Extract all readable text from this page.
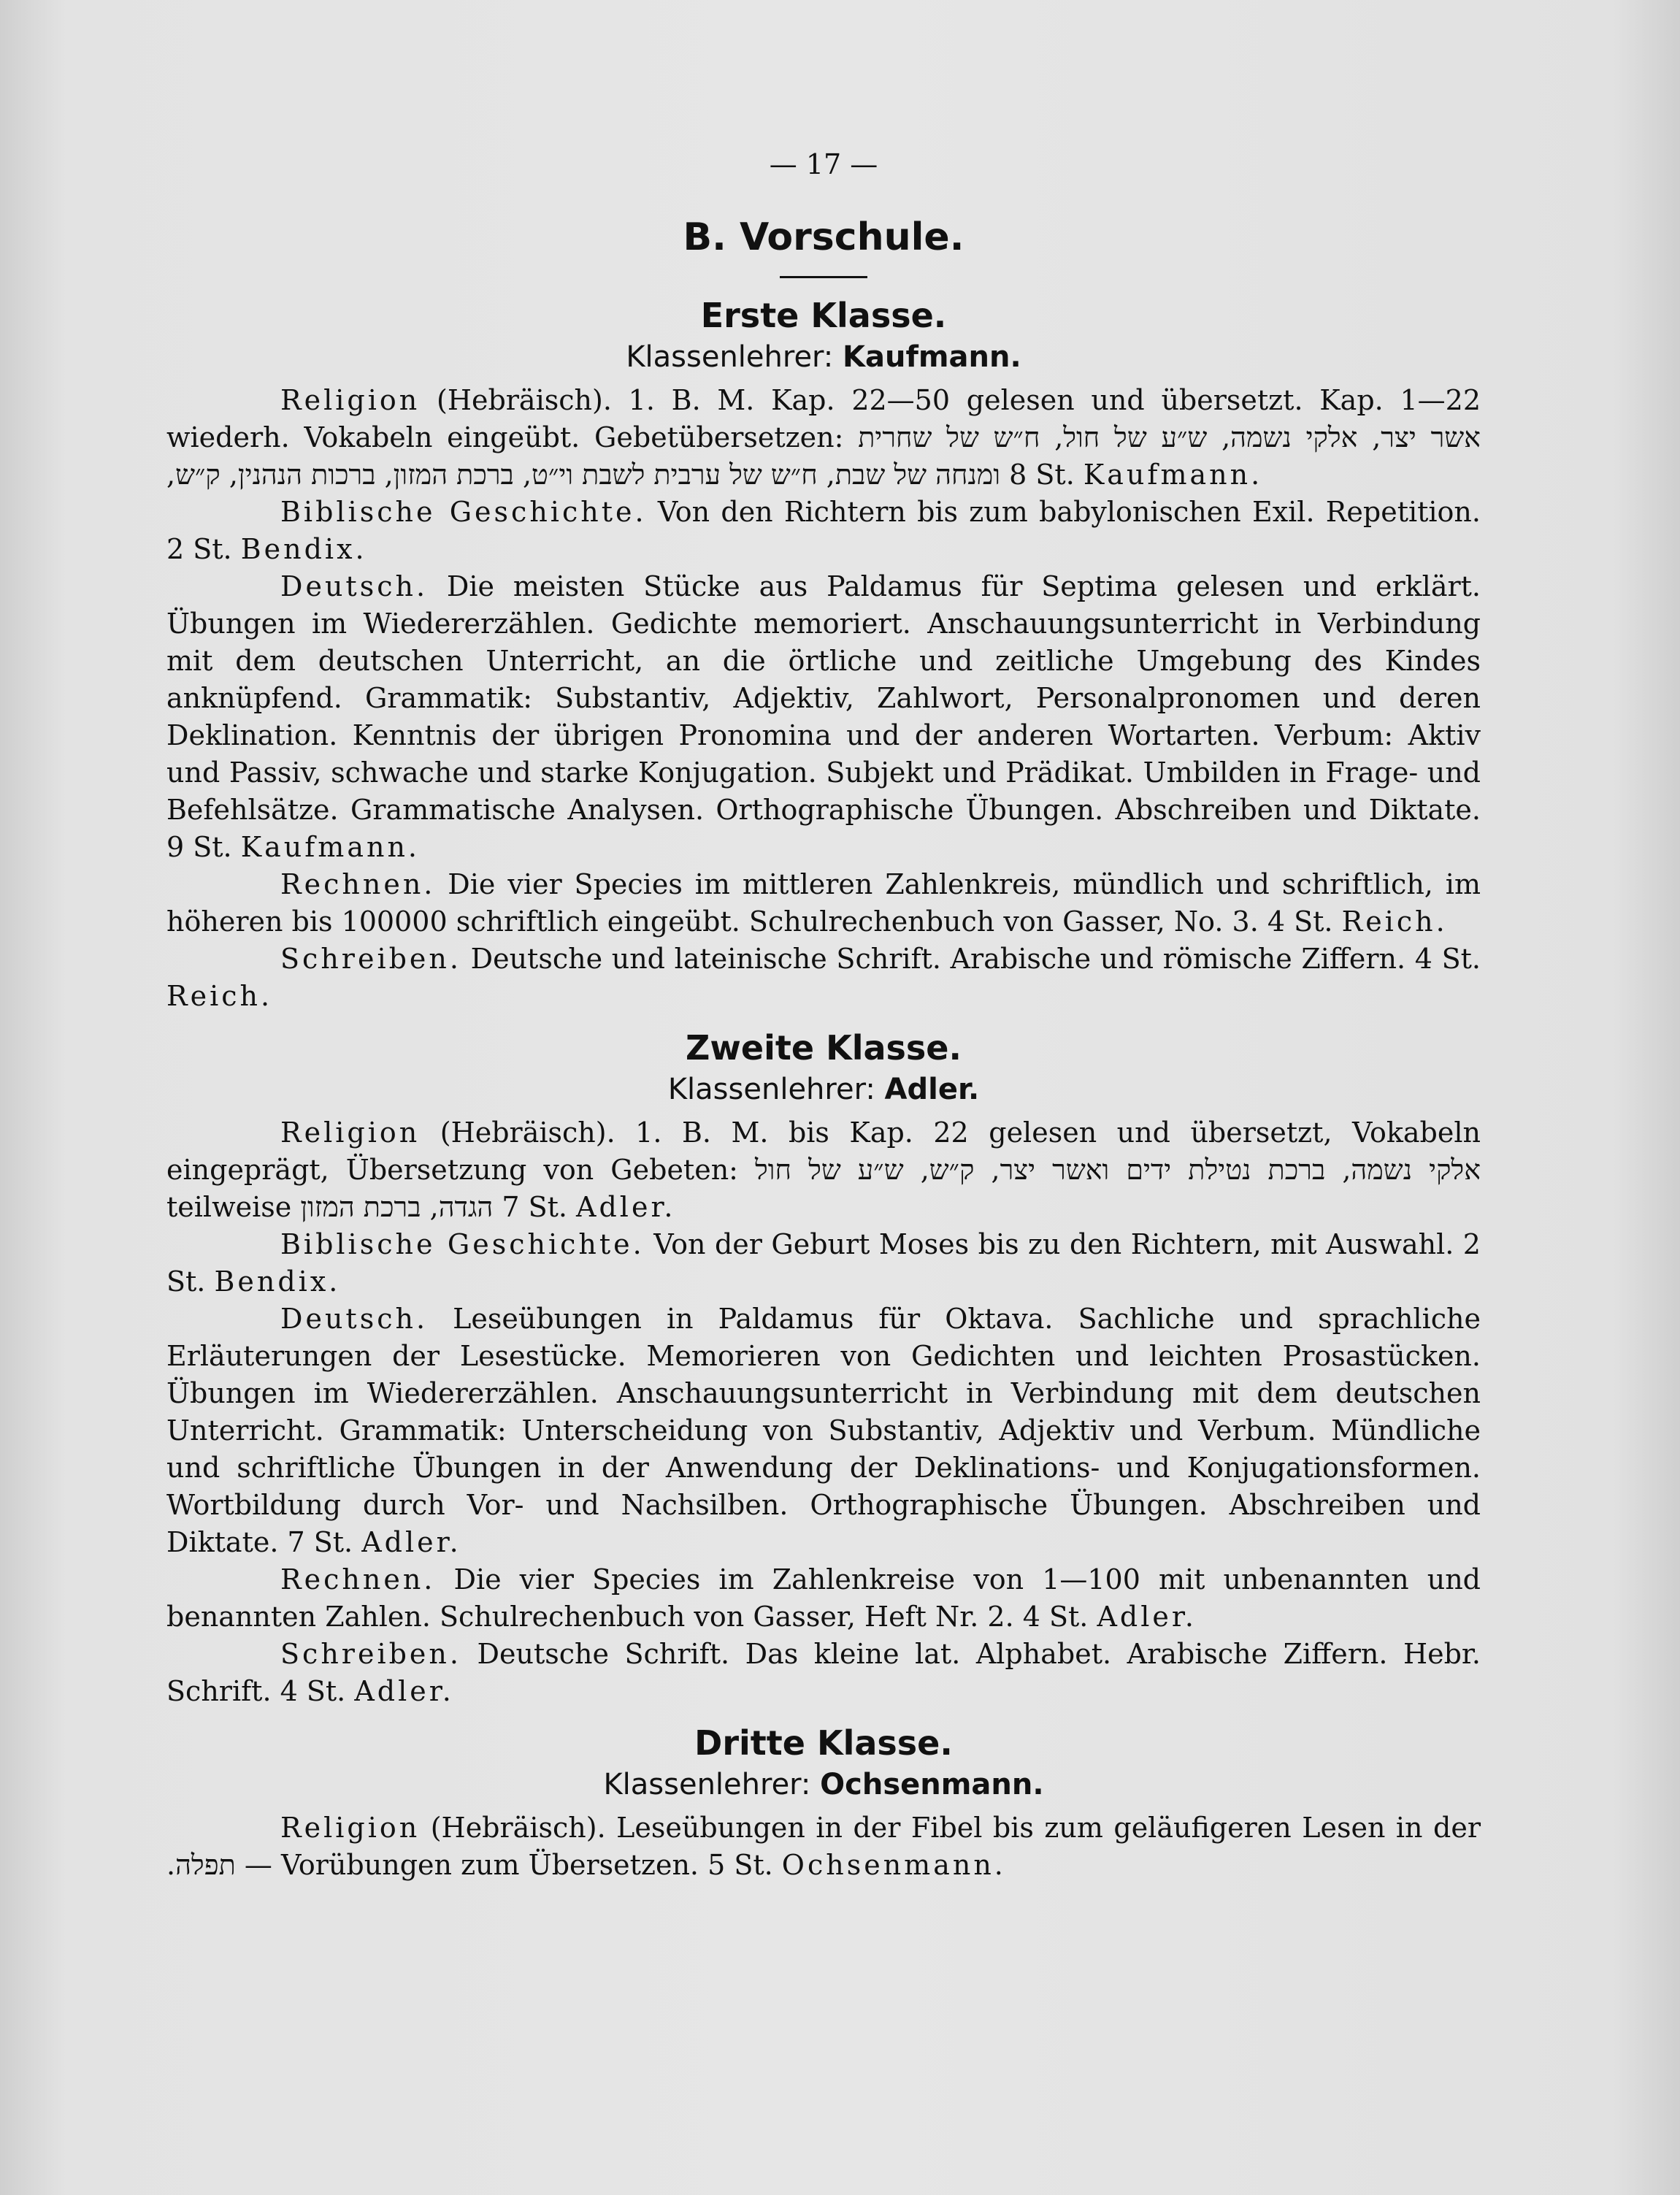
— 17 —
B. Vorschule.
Erste Klasse.
Klassenlehrer: Kaufmann.

Religion (Hebräisch). 1. B. M. Kap. 22—50 gelesen und übersetzt. Kap. 1—22 wiederh. Vokabeln eingeübt. Gebetübersetzen: אשר יצר, אלקי נשמה, ש״ע של חול, ח״ש של שחרית ומנחה של שבת, ח״ש של ערבית לשבת וי״ט, ברכת המזון, ברכות הנהנין, ק״ש, 8 St. Kaufmann.

Biblische Geschichte. Von den Richtern bis zum babylonischen Exil. Repetition. 2 St. Bendix.

Deutsch. Die meisten Stücke aus Paldamus für Septima gelesen und erklärt. Übungen im Wiedererzählen. Gedichte memoriert. Anschauungsunterricht in Verbindung mit dem deutschen Unterricht, an die örtliche und zeitliche Umgebung des Kindes anknüpfend. Grammatik: Substantiv, Adjektiv, Zahlwort, Personalpronomen und deren Deklination. Kenntnis der übrigen Pronomina und der anderen Wortarten. Verbum: Aktiv und Passiv, schwache und starke Konjugation. Subjekt und Prädikat. Umbilden in Frage- und Befehlsätze. Grammatische Analysen. Orthographische Übungen. Abschreiben und Diktate. 9 St. Kaufmann.

Rechnen. Die vier Species im mittleren Zahlenkreis, mündlich und schriftlich, im höheren bis 100000 schriftlich eingeübt. Schulrechenbuch von Gasser, No. 3. 4 St. Reich.

Schreiben. Deutsche und lateinische Schrift. Arabische und römische Ziffern. 4 St. Reich.

Zweite Klasse.
Klassenlehrer: Adler.

Religion (Hebräisch). 1. B. M. bis Kap. 22 gelesen und übersetzt, Vokabeln eingeprägt, Übersetzung von Gebeten: אלקי נשמה, ברכת נטילת ידים ואשר יצר, ק״ש, ש״ע של חול teilweise ברכת המזון הגדה, 7 St. Adler.

Biblische Geschichte. Von der Geburt Moses bis zu den Richtern, mit Auswahl. 2 St. Bendix.

Deutsch. Leseübungen in Paldamus für Oktava. Sachliche und sprachliche Erläuterungen der Lesestücke. Memorieren von Gedichten und leichten Prosastücken. Übungen im Wiedererzählen. Anschauungsunterricht in Verbindung mit dem deutschen Unterricht. Grammatik: Unterscheidung von Substantiv, Adjektiv und Verbum. Mündliche und schriftliche Übungen in der Anwendung der Deklinations- und Konjugationsformen. Wortbildung durch Vor- und Nachsilben. Orthographische Übungen. Abschreiben und Diktate. 7 St. Adler.

Rechnen. Die vier Species im Zahlenkreise von 1—100 mit unbenannten und benannten Zahlen. Schulrechenbuch von Gasser, Heft Nr. 2. 4 St. Adler.

Schreiben. Deutsche Schrift. Das kleine lat. Alphabet. Arabische Ziffern. Hebr. Schrift. 4 St. Adler.

Dritte Klasse.
Klassenlehrer: Ochsenmann.

Religion (Hebräisch). Leseübungen in der Fibel bis zum geläufigeren Lesen in der תפלה. — Vorübungen zum Übersetzen. 5 St. Ochsenmann.
